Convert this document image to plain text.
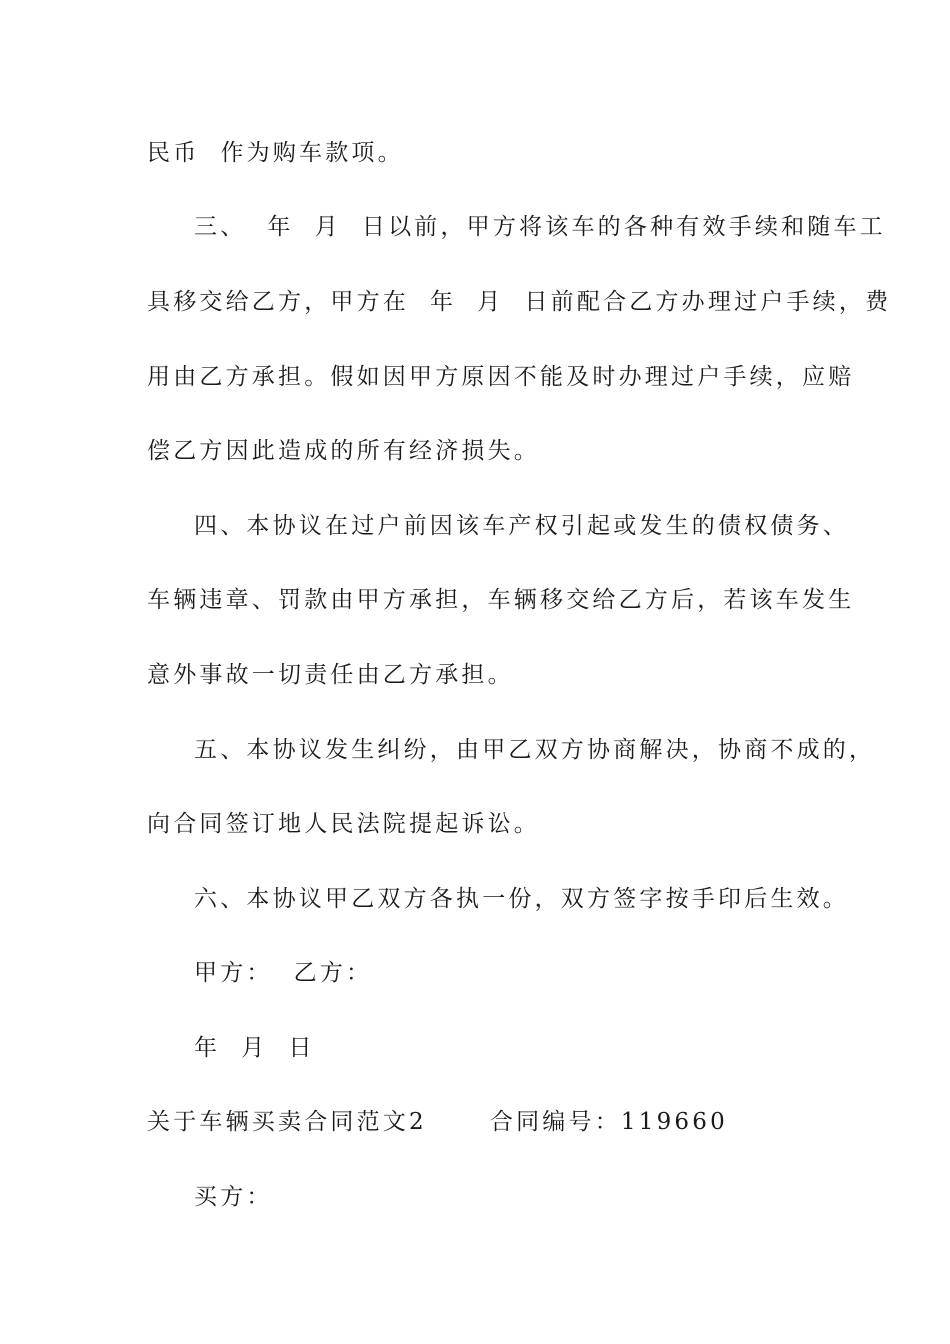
民币  作为购车款项。
三、  年  月  日以前，甲方将该车的各种有效手续和随车工
具移交给乙方，甲方在  年  月  日前配合乙方办理过户手续，费
用由乙方承担。假如因甲方原因不能及时办理过户手续，应赔
偿乙方因此造成的所有经济损失。
四、本协议在过户前因该车产权引起或发生的债权债务、
车辆违章、罚款由甲方承担，车辆移交给乙方后，若该车发生
意外事故一切责任由乙方承担。
五、本协议发生纠纷，由甲乙双方协商解决，协商不成的，
向合同签订地人民法院提起诉讼。
六、本协议甲乙双方各执一份，双方签字按手印后生效。
甲方：  乙方：
年  月  日
关于车辆买卖合同范文2      合同编号：119660
买方：
